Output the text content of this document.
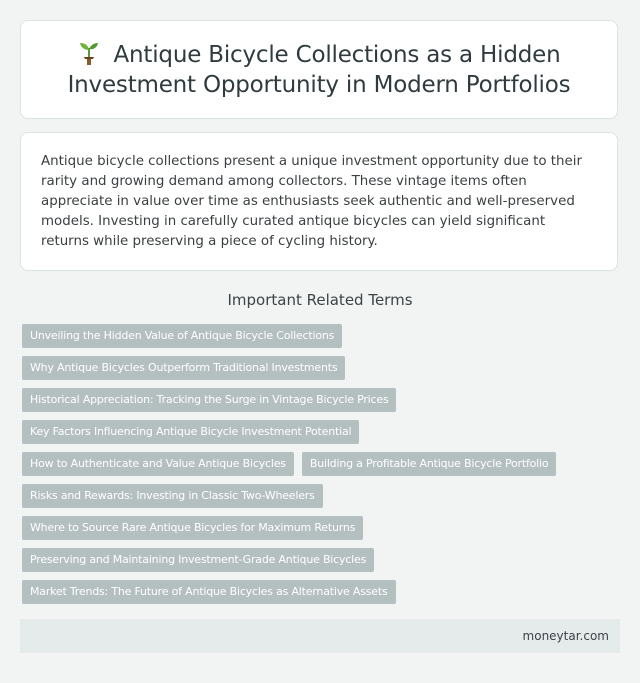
Antique Bicycle Collections as a Hidden Investment Opportunity in Modern Portfolios

Antique bicycle collections present a unique investment opportunity due to their rarity and growing demand among collectors. These vintage items often appreciate in value over time as enthusiasts seek authentic and well-preserved models. Investing in carefully curated antique bicycles can yield significant returns while preserving a piece of cycling history.

Important Related Terms
Unveiling the Hidden Value of Antique Bicycle Collections
Why Antique Bicycles Outperform Traditional Investments
Historical Appreciation: Tracking the Surge in Vintage Bicycle Prices
Key Factors Influencing Antique Bicycle Investment Potential
How to Authenticate and Value Antique Bicycles	Building a Profitable Antique Bicycle Portfolio
Risks and Rewards: Investing in Classic Two-Wheelers
Where to Source Rare Antique Bicycles for Maximum Returns
Preserving and Maintaining Investment-Grade Antique Bicycles
Market Trends: The Future of Antique Bicycles as Alternative Assets
moneytar.com
